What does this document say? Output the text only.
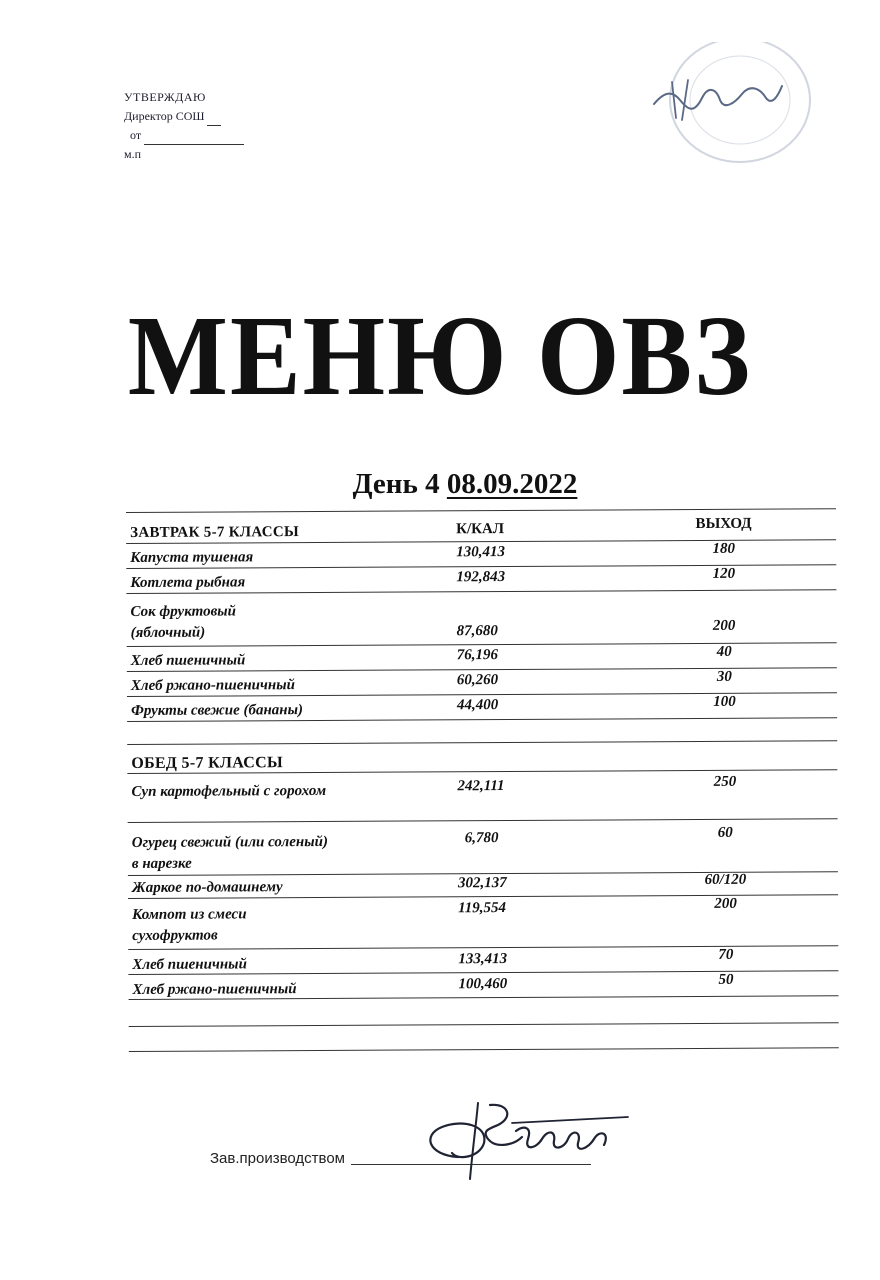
УТВЕРЖДАЮ
Директор СОШ
от
м.п
МЕНЮ ОВЗ
День 4 08.09.2022
ЗАВТРАК 5-7 КЛАССЫ	К/КАЛ	ВЫХОД
Капуста тушеная	130,413	180
Котлета рыбная	192,843	120
Сок фруктовый (яблочный)	87,680	200
Хлеб пшеничный	76,196	40
Хлеб ржано-пшеничный	60,260	30
Фрукты свежие (бананы)	44,400	100
ОБЕД 5-7 КЛАССЫ
Суп картофельный с горохом	242,111	250
Огурец свежий (или соленый) в нарезке
6,780	60
Жаркое по-домашнему	302,137	60/120
Компот из смеси сухофруктов
119,554	200
Хлеб пшеничный	133,413	70
Хлеб ржано-пшеничный	100,460	50
Зав.производством
